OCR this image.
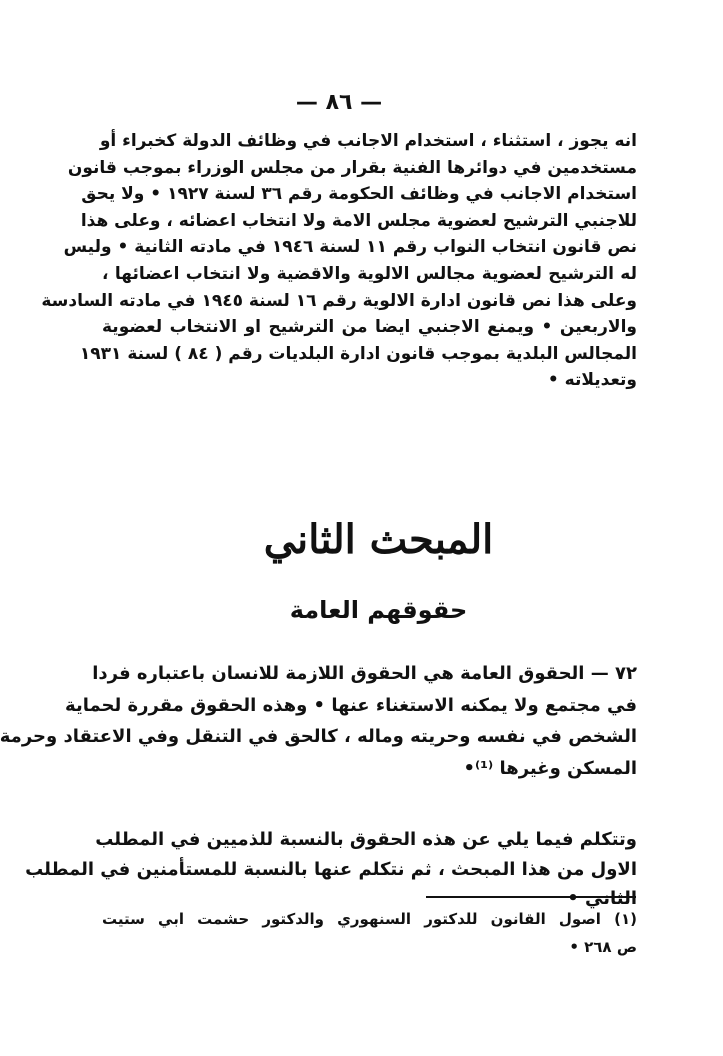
— ٨٦ —
انه يجوز ، استثناء ، استخدام الاجانب في وظائف الدولة كخبراء أو
مستخدمين في دوائرها الفنية بقرار من مجلس الوزراء بموجب قانون
استخدام الاجانب في وظائف الحكومة رقم ٣٦ لسنة ١٩٢٧ • ولا يحق
للاجنبي الترشيح لعضوية مجلس الامة ولا انتخاب اعضائه ، وعلى هذا
نص قانون انتخاب النواب رقم ١١ لسنة ١٩٤٦ في مادته الثانية • وليس
له الترشيح لعضوية مجالس الالوية والاقضية ولا انتخاب اعضائها ،
وعلى هذا نص قانون ادارة الالوية رقم ١٦ لسنة ١٩٤٥ في مادته السادسة
والاربعين • ويمنع الاجنبي ايضا من الترشيح او الانتخاب لعضوية
المجالس البلدية بموجب قانون ادارة البلديات رقم ( ٨٤ ) لسنة ١٩٣١
وتعديلاته •
المبحث الثاني
حقوقهم العامة
٧٢ — الحقوق العامة هي الحقوق اللازمة للانسان باعتباره فردا
في مجتمع ولا يمكنه الاستغناء عنها • وهذه الحقوق مقررة لحماية
الشخص في نفسه وحريته وماله ، كالحق في التنقل وفي الاعتقاد وحرمة
المسكن وغيرها ⁽¹⁾•
وتتكلم فيما يلي عن هذه الحقوق بالنسبة للذميين في المطلب
الاول من هذا المبحث ، ثم نتكلم عنها بالنسبة للمستأمنين في المطلب
الثاني •
(١) اصول القانون للدكتور السنهوري والدكتور حشمت ابي ستيت
ص ٢٦٨ •
